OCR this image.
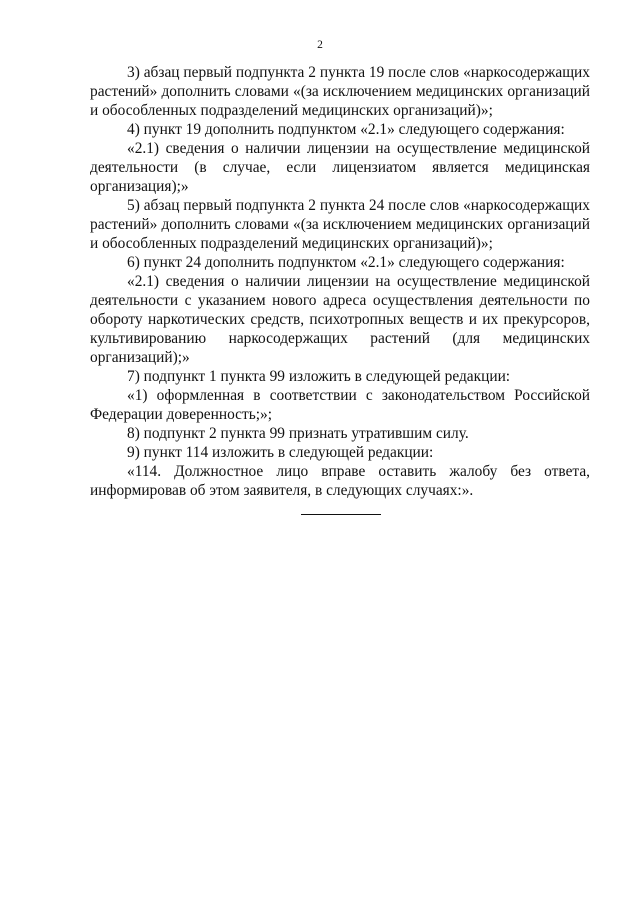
2

3) абзац первый подпункта 2 пункта 19 после слов «наркосодержащих растений» дополнить словами «(за исключением медицинских организаций и обособленных подразделений медицинских организаций)»;

4) пункт 19 дополнить подпунктом «2.1» следующего содержания:

«2.1) сведения о наличии лицензии на осуществление медицинской деятельности (в случае, если лицензиатом является медицинская организация);»

5) абзац первый подпункта 2 пункта 24 после слов «наркосодержащих растений» дополнить словами «(за исключением медицинских организаций и обособленных подразделений медицинских организаций)»;

6) пункт 24 дополнить подпунктом «2.1» следующего содержания:

«2.1) сведения о наличии лицензии на осуществление медицинской деятельности с указанием нового адреса осуществления деятельности по обороту наркотических средств, психотропных веществ и их прекурсоров, культивированию наркосодержащих растений (для медицинских организаций);»

7) подпункт 1 пункта 99 изложить в следующей редакции:

«1) оформленная в соответствии с законодательством Российской Федерации доверенность;»;

8) подпункт 2 пункта 99 признать утратившим силу.

9) пункт 114 изложить в следующей редакции:

«114. Должностное лицо вправе оставить жалобу без ответа, информировав об этом заявителя, в следующих случаях:».
